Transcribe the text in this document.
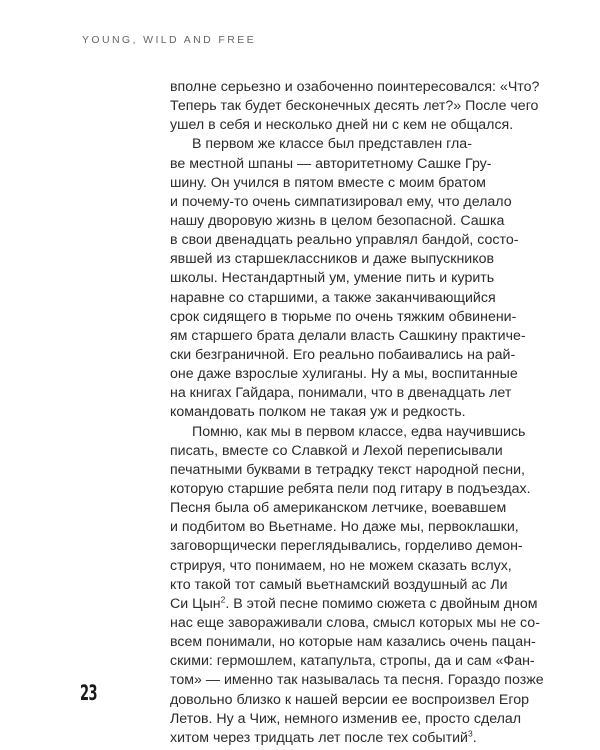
YOUNG, WILD AND FREE
вполне серьезно и озабоченно поинтересовался: «Что?
Теперь так будет бесконечных десять лет?» После чего
ушел в себя и несколько дней ни с кем не общался.
В первом же классе был представлен гла-
ве местной шпаны — авторитетному Сашке Гру-
шину. Он учился в пятом вместе с моим братом
и почему-то очень симпатизировал ему, что делало
нашу дворовую жизнь в целом безопасной. Сашка
в свои двенадцать реально управлял бандой, состо-
явшей из старшеклассников и даже выпускников
школы. Нестандартный ум, умение пить и курить
наравне со старшими, а также заканчивающийся
срок сидящего в тюрьме по очень тяжким обвинени-
ям старшего брата делали власть Сашкину практиче-
ски безграничной. Его реально побаивались на рай-
оне даже взрослые хулиганы. Ну а мы, воспитанные
на книгах Гайдара, понимали, что в двенадцать лет
командовать полком не такая уж и редкость.
Помню, как мы в первом классе, едва научившись
писать, вместе со Славкой и Лехой переписывали
печатными буквами в тетрадку текст народной песни,
которую старшие ребята пели под гитару в подъездах.
Песня была об американском летчике, воевавшем
и подбитом во Вьетнаме. Но даже мы, первоклашки,
заговорщически переглядывались, горделиво демон-
стрируя, что понимаем, но не можем сказать вслух,
кто такой тот самый вьетнамский воздушный ас Ли
Си Цын$^2$. В этой песне помимо сюжета с двойным дном
нас еще завораживали слова, смысл которых мы не со-
всем понимали, но которые нам казались очень пацан-
скими: гермошлем, катапульта, стропы, да и сам «Фан-
том» — именно так называлась та песня. Гораздо позже
довольно близко к нашей версии ее воспроизвел Егор
Летов. Ну а Чиж, немного изменив ее, просто сделал
хитом через тридцать лет после тех событий$^3$.
23
